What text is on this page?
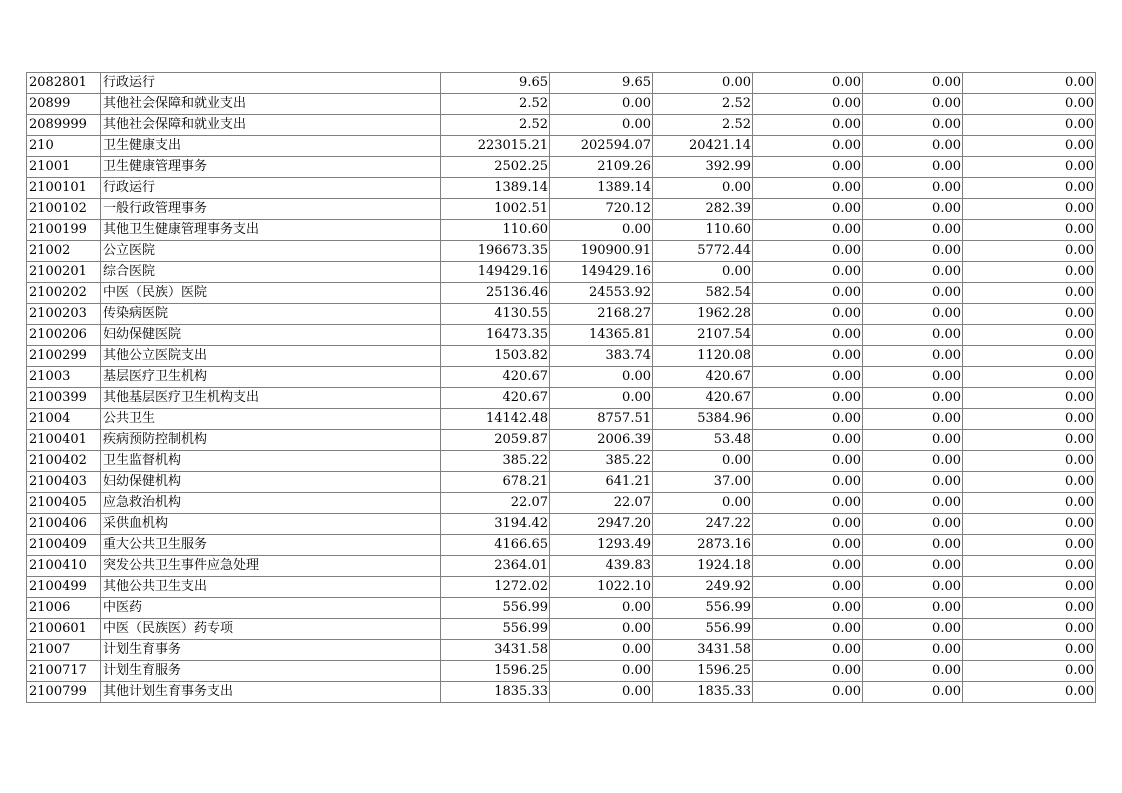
2082801	行政运行	9.65	9.65	0.00	0.00	0.00	0.00
20899	其他社会保障和就业支出	2.52	0.00	2.52	0.00	0.00	0.00
2089999	其他社会保障和就业支出	2.52	0.00	2.52	0.00	0.00	0.00
210	卫生健康支出	223015.21	202594.07	20421.14	0.00	0.00	0.00
21001	卫生健康管理事务	2502.25	2109.26	392.99	0.00	0.00	0.00
2100101	行政运行	1389.14	1389.14	0.00	0.00	0.00	0.00
2100102	一般行政管理事务	1002.51	720.12	282.39	0.00	0.00	0.00
2100199	其他卫生健康管理事务支出	110.60	0.00	110.60	0.00	0.00	0.00
21002	公立医院	196673.35	190900.91	5772.44	0.00	0.00	0.00
2100201	综合医院	149429.16	149429.16	0.00	0.00	0.00	0.00
2100202	中医（民族）医院	25136.46	24553.92	582.54	0.00	0.00	0.00
2100203	传染病医院	4130.55	2168.27	1962.28	0.00	0.00	0.00
2100206	妇幼保健医院	16473.35	14365.81	2107.54	0.00	0.00	0.00
2100299	其他公立医院支出	1503.82	383.74	1120.08	0.00	0.00	0.00
21003	基层医疗卫生机构	420.67	0.00	420.67	0.00	0.00	0.00
2100399	其他基层医疗卫生机构支出	420.67	0.00	420.67	0.00	0.00	0.00
21004	公共卫生	14142.48	8757.51	5384.96	0.00	0.00	0.00
2100401	疾病预防控制机构	2059.87	2006.39	53.48	0.00	0.00	0.00
2100402	卫生监督机构	385.22	385.22	0.00	0.00	0.00	0.00
2100403	妇幼保健机构	678.21	641.21	37.00	0.00	0.00	0.00
2100405	应急救治机构	22.07	22.07	0.00	0.00	0.00	0.00
2100406	采供血机构	3194.42	2947.20	247.22	0.00	0.00	0.00
2100409	重大公共卫生服务	4166.65	1293.49	2873.16	0.00	0.00	0.00
2100410	突发公共卫生事件应急处理	2364.01	439.83	1924.18	0.00	0.00	0.00
2100499	其他公共卫生支出	1272.02	1022.10	249.92	0.00	0.00	0.00
21006	中医药	556.99	0.00	556.99	0.00	0.00	0.00
2100601	中医（民族医）药专项	556.99	0.00	556.99	0.00	0.00	0.00
21007	计划生育事务	3431.58	0.00	3431.58	0.00	0.00	0.00
2100717	计划生育服务	1596.25	0.00	1596.25	0.00	0.00	0.00
2100799	其他计划生育事务支出	1835.33	0.00	1835.33	0.00	0.00	0.00
